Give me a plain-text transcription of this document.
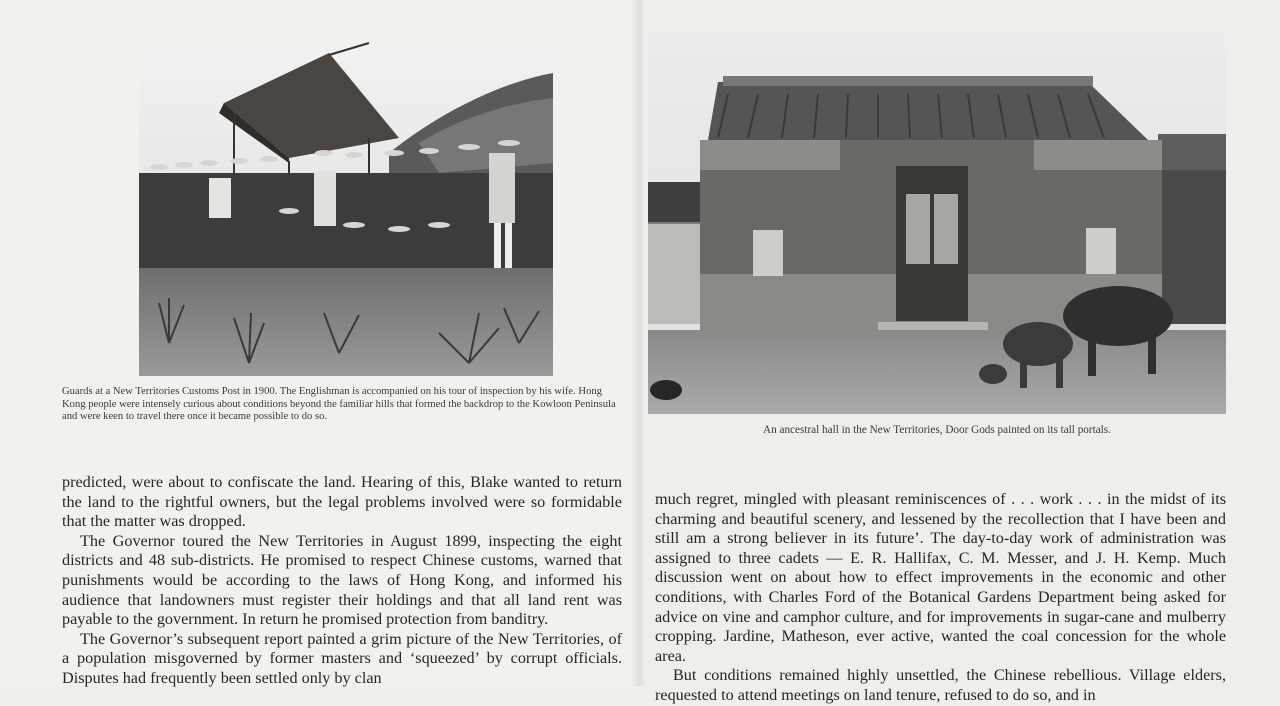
Guards at a New Territories Customs Post in 1900. The Englishman is accompanied on his tour of inspection by his wife. Hong Kong people were intensely curious about conditions beyond the familiar hills that formed the backdrop to the Kowloon Peninsula and were keen to travel there once it became possible to do so.

predicted, were about to confiscate the land. Hearing of this, Blake wanted to return the land to the rightful owners, but the legal problems involved were so formidable that the matter was dropped.

The Governor toured the New Territories in August 1899, inspecting the eight districts and 48 sub-districts. He promised to respect Chinese customs, warned that punishments would be according to the laws of Hong Kong, and informed his audience that landowners must register their holdings and that all land rent was payable to the government. In return he promised protection from banditry.

The Governor’s subsequent report painted a grim picture of the New Territories, of a population misgoverned by former masters and ‘squeezed’ by corrupt officials. Disputes had frequently been settled only by clan

An ancestral hall in the New Territories, Door Gods painted on its tall portals.

much regret, mingled with pleasant reminiscences of . . . work . . . in the midst of its charming and beautiful scenery, and lessened by the recollection that I have been and still am a strong believer in its future’. The day-to-day work of administration was assigned to three cadets — E. R. Hallifax, C. M. Messer, and J. H. Kemp. Much discussion went on about how to effect improvements in the economic and other conditions, with Charles Ford of the Botanical Gardens Department being asked for advice on vine and camphor culture, and for improvements in sugar-cane and mulberry cropping. Jardine, Matheson, ever active, wanted the coal concession for the whole area.

But conditions remained highly unsettled, the Chinese rebellious. Village elders, requested to attend meetings on land tenure, refused to do so, and in
